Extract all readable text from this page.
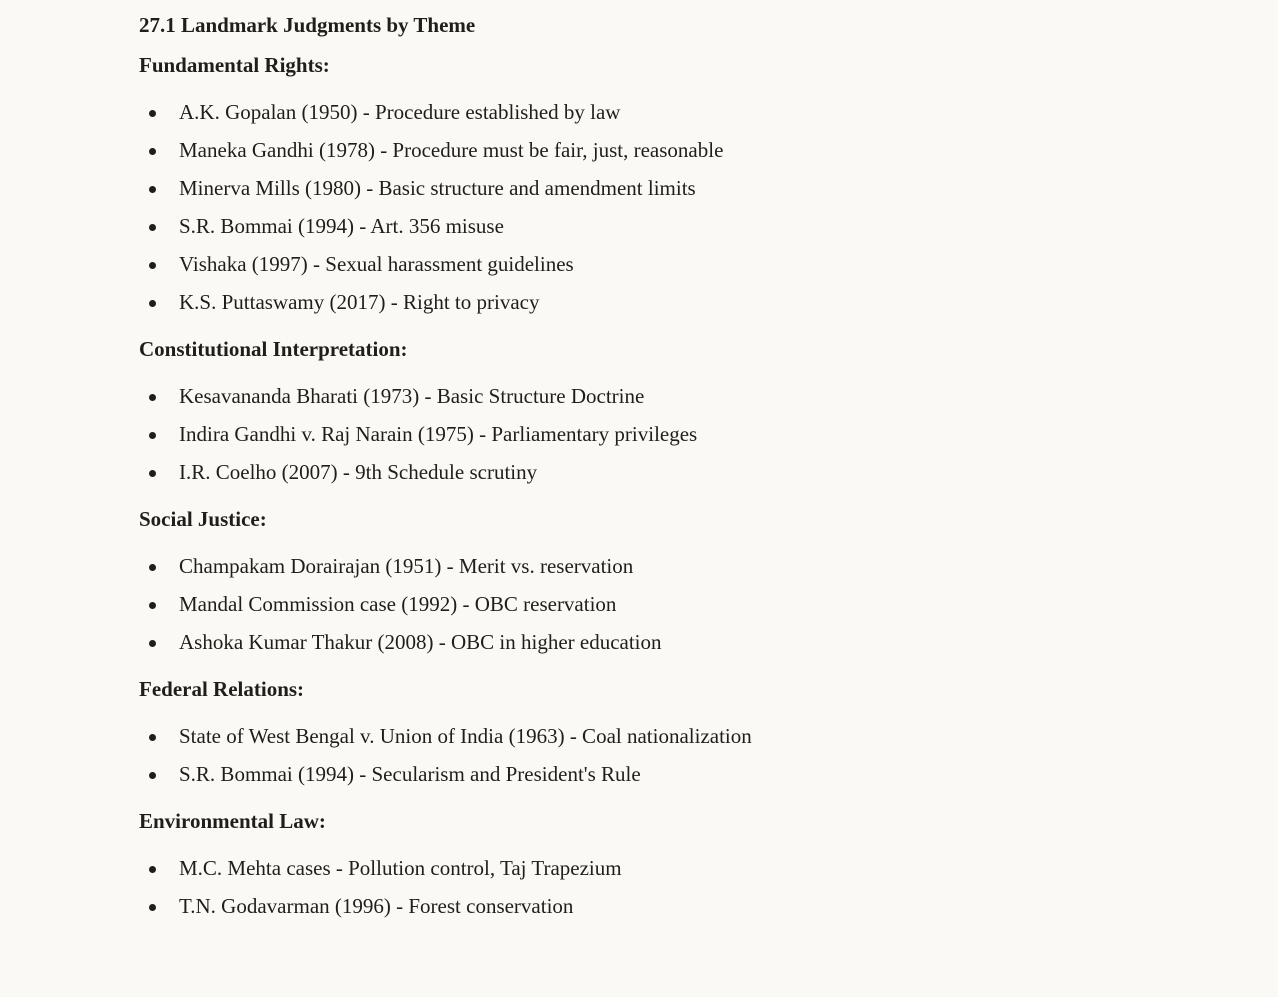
27.1 Landmark Judgments by Theme
Fundamental Rights:
A.K. Gopalan (1950) - Procedure established by law
Maneka Gandhi (1978) - Procedure must be fair, just, reasonable
Minerva Mills (1980) - Basic structure and amendment limits
S.R. Bommai (1994) - Art. 356 misuse
Vishaka (1997) - Sexual harassment guidelines
K.S. Puttaswamy (2017) - Right to privacy
Constitutional Interpretation:
Kesavananda Bharati (1973) - Basic Structure Doctrine
Indira Gandhi v. Raj Narain (1975) - Parliamentary privileges
I.R. Coelho (2007) - 9th Schedule scrutiny
Social Justice:
Champakam Dorairajan (1951) - Merit vs. reservation
Mandal Commission case (1992) - OBC reservation
Ashoka Kumar Thakur (2008) - OBC in higher education
Federal Relations:
State of West Bengal v. Union of India (1963) - Coal nationalization
S.R. Bommai (1994) - Secularism and President's Rule
Environmental Law:
M.C. Mehta cases - Pollution control, Taj Trapezium
T.N. Godavarman (1996) - Forest conservation
